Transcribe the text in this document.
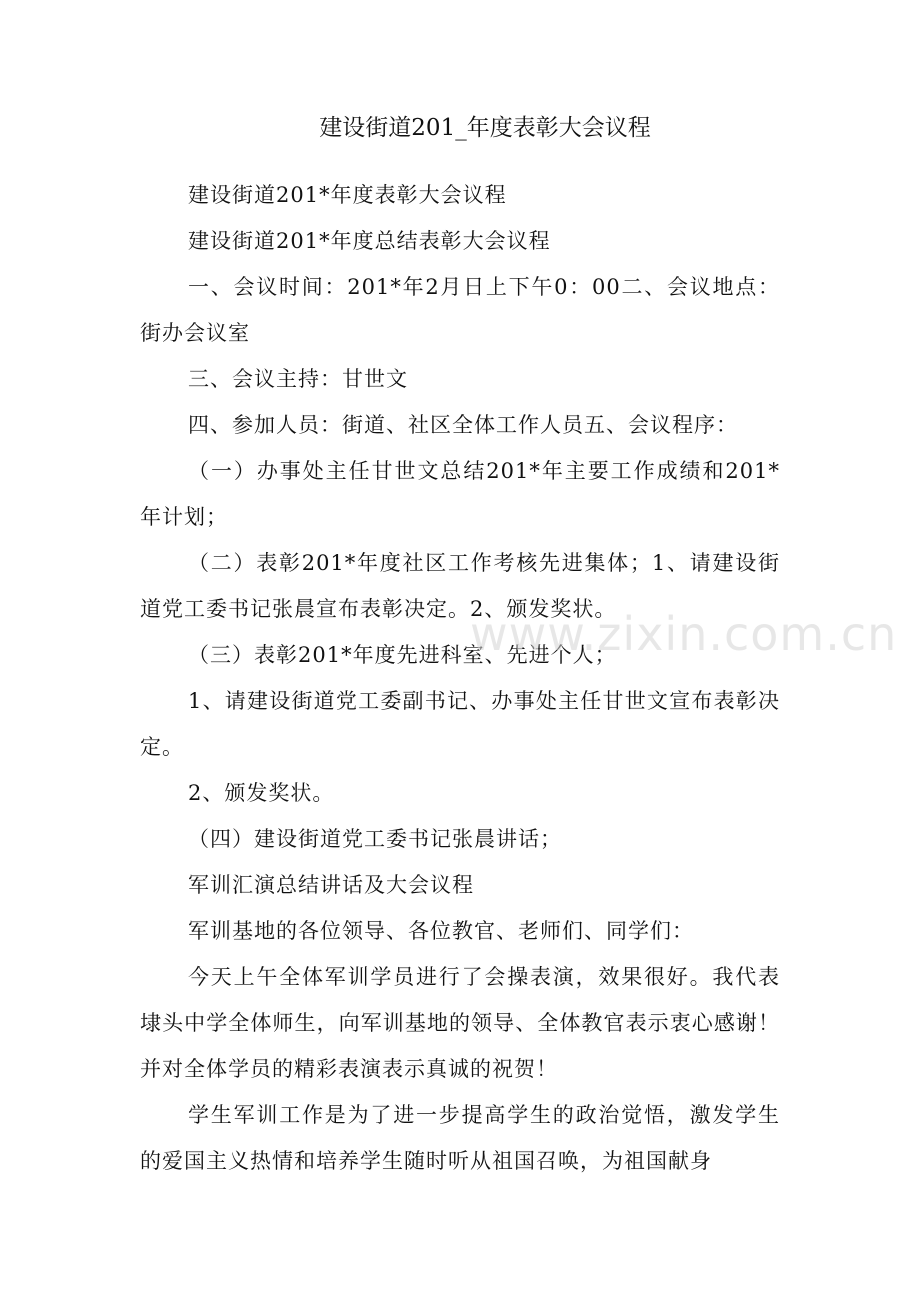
建设街道201_年度表彰大会议程

建设街道201*年度表彰大会议程

建设街道201*年度总结表彰大会议程

一、会议时间：201*年2月日上下午0：00二、会议地点：街办会议室

三、会议主持：甘世文

四、参加人员：街道、社区全体工作人员五、会议程序：

（一）办事处主任甘世文总结201*年主要工作成绩和201*年计划；

（二）表彰201*年度社区工作考核先进集体；1、请建设街道党工委书记张晨宣布表彰决定。2、颁发奖状。

（三）表彰201*年度先进科室、先进个人；

1、请建设街道党工委副书记、办事处主任甘世文宣布表彰决定。

2、颁发奖状。

（四）建设街道党工委书记张晨讲话；

军训汇演总结讲话及大会议程

军训基地的各位领导、各位教官、老师们、同学们：

今天上午全体军训学员进行了会操表演，效果很好。我代表埭头中学全体师生，向军训基地的领导、全体教官表示衷心感谢！并对全体学员的精彩表演表示真诚的祝贺！

学生军训工作是为了进一步提高学生的政治觉悟，激发学生的爱国主义热情和培养学生随时听从祖国召唤，为祖国献身

www.zixin.com.cn
